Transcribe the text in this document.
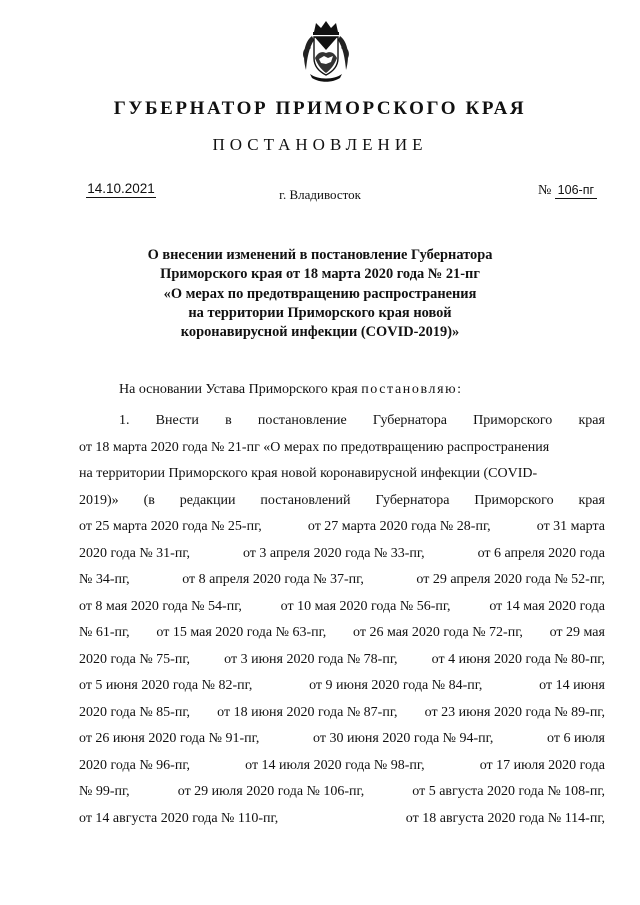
ГУБЕРНАТОР ПРИМОРСКОГО КРАЯ
ПОСТАНОВЛЕНИЕ
14.10.2021	г. Владивосток	№ 106-пг
О внесении изменений в постановление Губернатора
Приморского края от 18 марта 2020 года № 21-пг
«О мерах по предотвращению распространения
на территории Приморского края новой
коронавирусной инфекции (COVID-2019)»
На основании Устава Приморского края постановляю:
1. Внести в постановление Губернатора Приморского края
от 18 марта 2020 года № 21-пг «О мерах по предотвращению распространения
на территории Приморского края новой коронавирусной инфекции (COVID-
2019)» (в редакции постановлений Губернатора Приморского края
от 25 марта 2020 года № 25-пг,	от 27 марта 2020 года № 28-пг,	от 31 марта
2020 года № 31-пг,	от 3 апреля 2020 года № 33-пг,	от 6 апреля 2020 года
№ 34-пг,	от 8 апреля 2020 года № 37-пг,	от 29 апреля 2020 года № 52-пг,
от 8 мая 2020 года № 54-пг,	от 10 мая 2020 года № 56-пг,	от 14 мая 2020 года
№ 61-пг, от 15 мая 2020 года № 63-пг, от 26 мая 2020 года № 72-пг, от 29 мая
2020 года № 75-пг, от 3 июня 2020 года № 78-пг, от 4 июня 2020 года № 80-пг,
от 5 июня 2020 года № 82-пг,	от 9 июня 2020 года № 84-пг,	от 14 июня
2020 года № 85-пг, от 18 июня 2020 года № 87-пг, от 23 июня 2020 года № 89-пг,
от 26 июня 2020 года № 91-пг,	от 30 июня 2020 года № 94-пг,	от 6 июля
2020 года № 96-пг,	от 14 июля 2020 года № 98-пг,	от 17 июля 2020 года
№ 99-пг,	от 29 июля 2020 года № 106-пг,	от 5 августа 2020 года № 108-пг,
от 14 августа 2020 года № 110-пг,	от 18 августа 2020 года № 114-пг,
